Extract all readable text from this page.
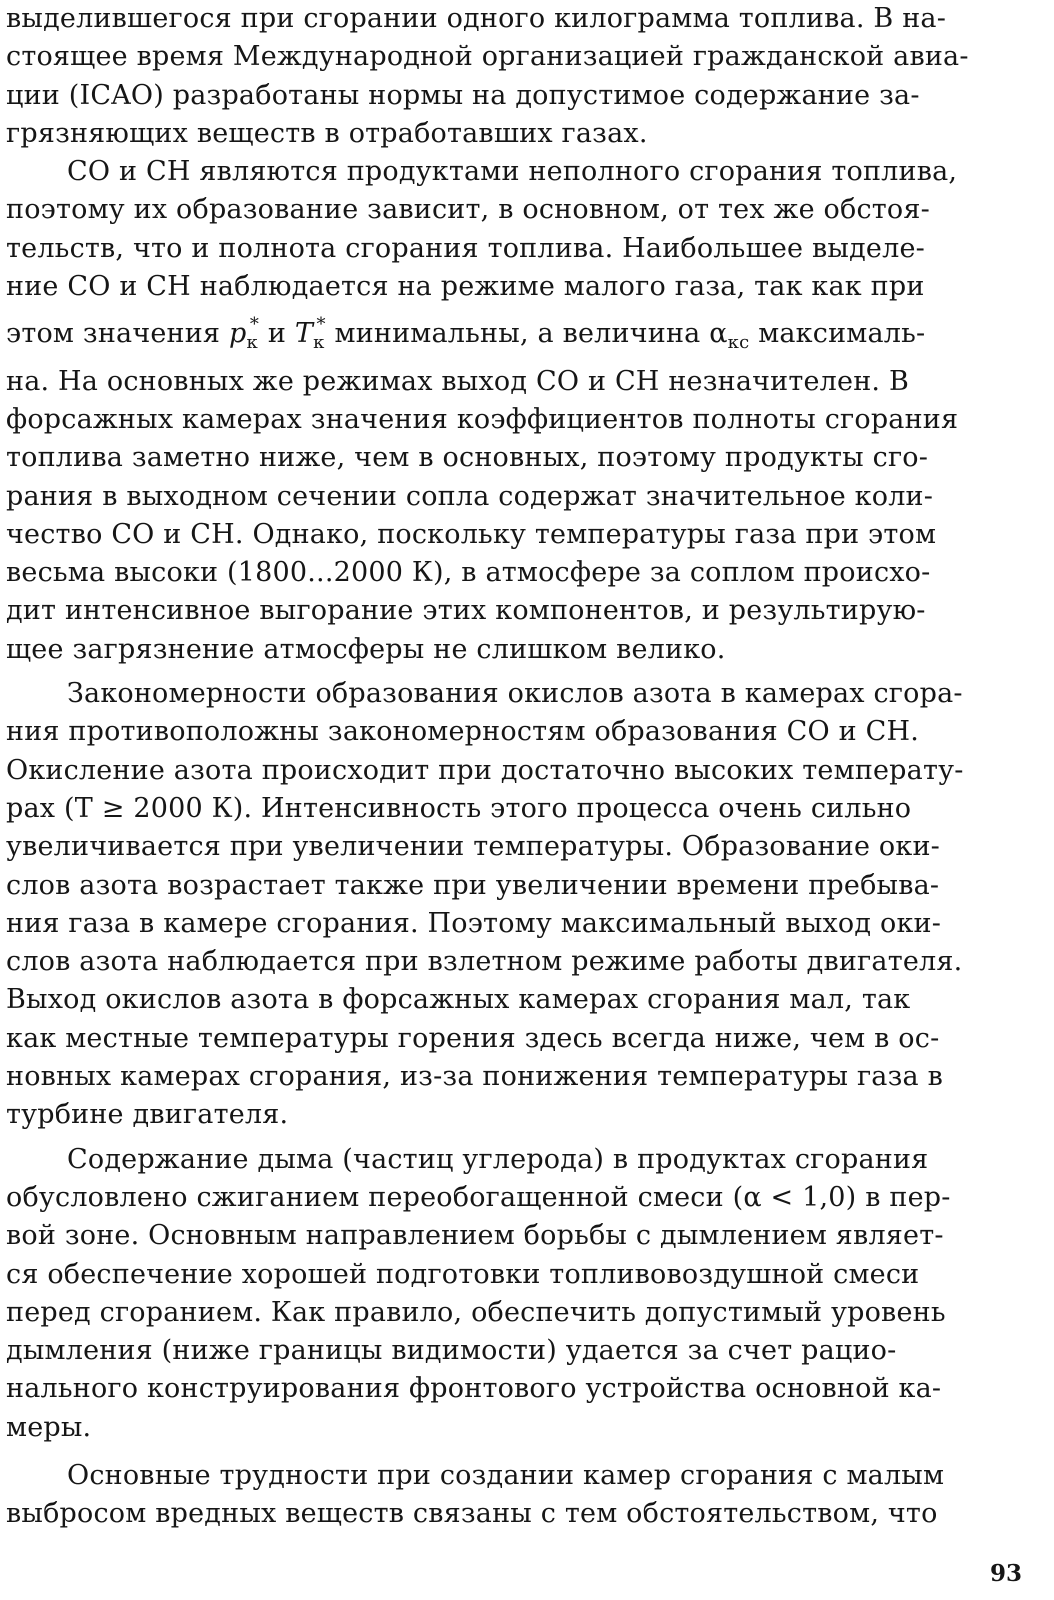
выделившегося при сгорании одного килограмма топлива. В на-
стоящее время Международной организацией гражданской авиа-
ции (ICAO) разработаны нормы на допустимое содержание за-
грязняющих веществ в отработавших газах.

СО и СН являются продуктами неполного сгорания топлива,
поэтому их образование зависит, в основном, от тех же обстоя-
тельств, что и полнота сгорания топлива. Наибольшее выделе-
ние СО и СН наблюдается на режиме малого газа, так как при
этом значения $p_к^*$ и $T_к^*$ минимальны, а величина $\alpha_{кс}$ максималь-
на. На основных же режимах выход СО и СН незначителен. В
форсажных камерах значения коэффициентов полноты сгорания
топлива заметно ниже, чем в основных, поэтому продукты сго-
рания в выходном сечении сопла содержат значительное коли-
чество СО и СН. Однако, поскольку температуры газа при этом
весьма высоки (1800...2000 К), в атмосфере за соплом происхо-
дит интенсивное выгорание этих компонентов, и результирую-
щее загрязнение атмосферы не слишком велико.

Закономерности образования окислов азота в камерах сгора-
ния противоположны закономерностям образования СО и СН.
Окисление азота происходит при достаточно высоких температу-
рах (T ≥ 2000 К). Интенсивность этого процесса очень сильно
увеличивается при увеличении температуры. Образование оки-
слов азота возрастает также при увеличении времени пребыва-
ния газа в камере сгорания. Поэтому максимальный выход оки-
слов азота наблюдается при взлетном режиме работы двигателя.
Выход окислов азота в форсажных камерах сгорания мал, так
как местные температуры горения здесь всегда ниже, чем в ос-
новных камерах сгорания, из-за понижения температуры газа в
турбине двигателя.

Содержание дыма (частиц углерода) в продуктах сгорания
обусловлено сжиганием переобогащенной смеси (α < 1,0) в пер-
вой зоне. Основным направлением борьбы с дымлением являет-
ся обеспечение хорошей подготовки топливовоздушной смеси
перед сгоранием. Как правило, обеспечить допустимый уровень
дымления (ниже границы видимости) удается за счет рацио-
нального конструирования фронтового устройства основной ка-
меры.

Основные трудности при создании камер сгорания с малым
выбросом вредных веществ связаны с тем обстоятельством, что

93
